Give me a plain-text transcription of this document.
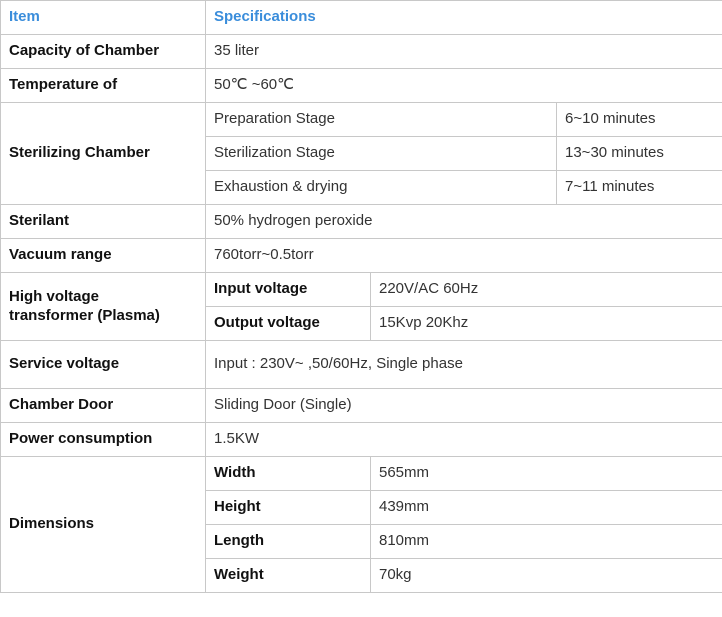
Item	Specifications		
Capacity of Chamber	35 liter		
Temperature of	50℃ ~60℃		
Sterilizing Chamber	Preparation Stage		6~10 minutes
	Sterilization Stage		13~30 minutes
	Exhaustion & drying		7~11 minutes
Sterilant	50% hydrogen peroxide		
Vacuum range	760torr~0.5torr		

High voltage
transformer (Plasma)	Input voltage	220V/AC 60Hz	
	Output voltage	15Kvp 20Khz	
Service voltage	Input : 230V~ ,50/60Hz, Single phase		
Chamber Door	Sliding Door (Single)		
Power consumption	1.5KW		
Dimensions	Width	565mm	
	Height	439mm	
	Length	810mm	
	Weight	70kg	
